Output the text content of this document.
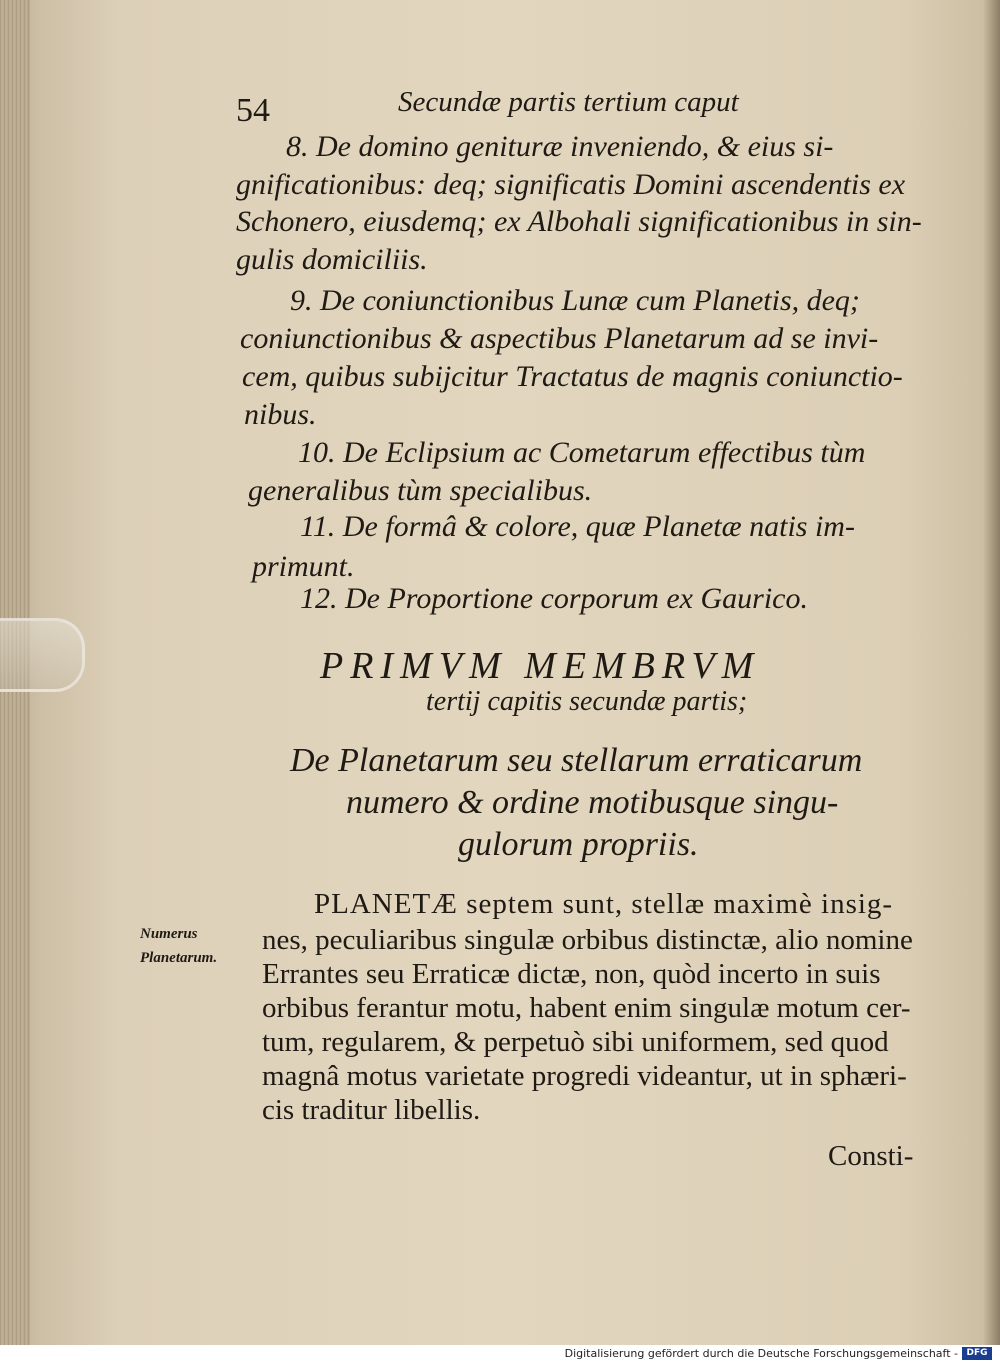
54	Secundæ partis tertium caput
8. De domino genituræ inveniendo, & eius si-
gnificationibus: deq; significatis Domini ascendentis ex
Schonero, eiusdemq; ex Albohali significationibus in sin-
gulis domiciliis.
9. De coniunctionibus Lunæ cum Planetis, deq;
coniunctionibus & aspectibus Planetarum ad se invi-
cem, quibus subijcitur Tractatus de magnis coniunctio-
nibus.
10. De Eclipsium ac Cometarum effectibus tùm
generalibus tùm specialibus.
11. De formâ & colore, quæ Planetæ natis im-
primunt.
12. De Proportione corporum ex Gaurico.
PRIMVM MEMBRVM
tertij capitis secundæ partis;
De Planetarum seu stellarum erraticarum
numero & ordine motibusque singu-
gulorum propriis.
Numerus
Planetarum.
PLANETÆ septem sunt, stellæ maximè insig-
nes, peculiaribus singulæ orbibus distinctæ, alio nomine
Errantes seu Erraticæ dictæ, non, quòd incerto in suis
orbibus ferantur motu, habent enim singulæ motum cer-
tum, regularem, & perpetuò sibi uniformem, sed quod
magnâ motus varietate progredi videantur, ut in sphæri-
cis traditur libellis.
Consti-
Digitalisierung gefördert durch die Deutsche Forschungsgemeinschaft - DFG
